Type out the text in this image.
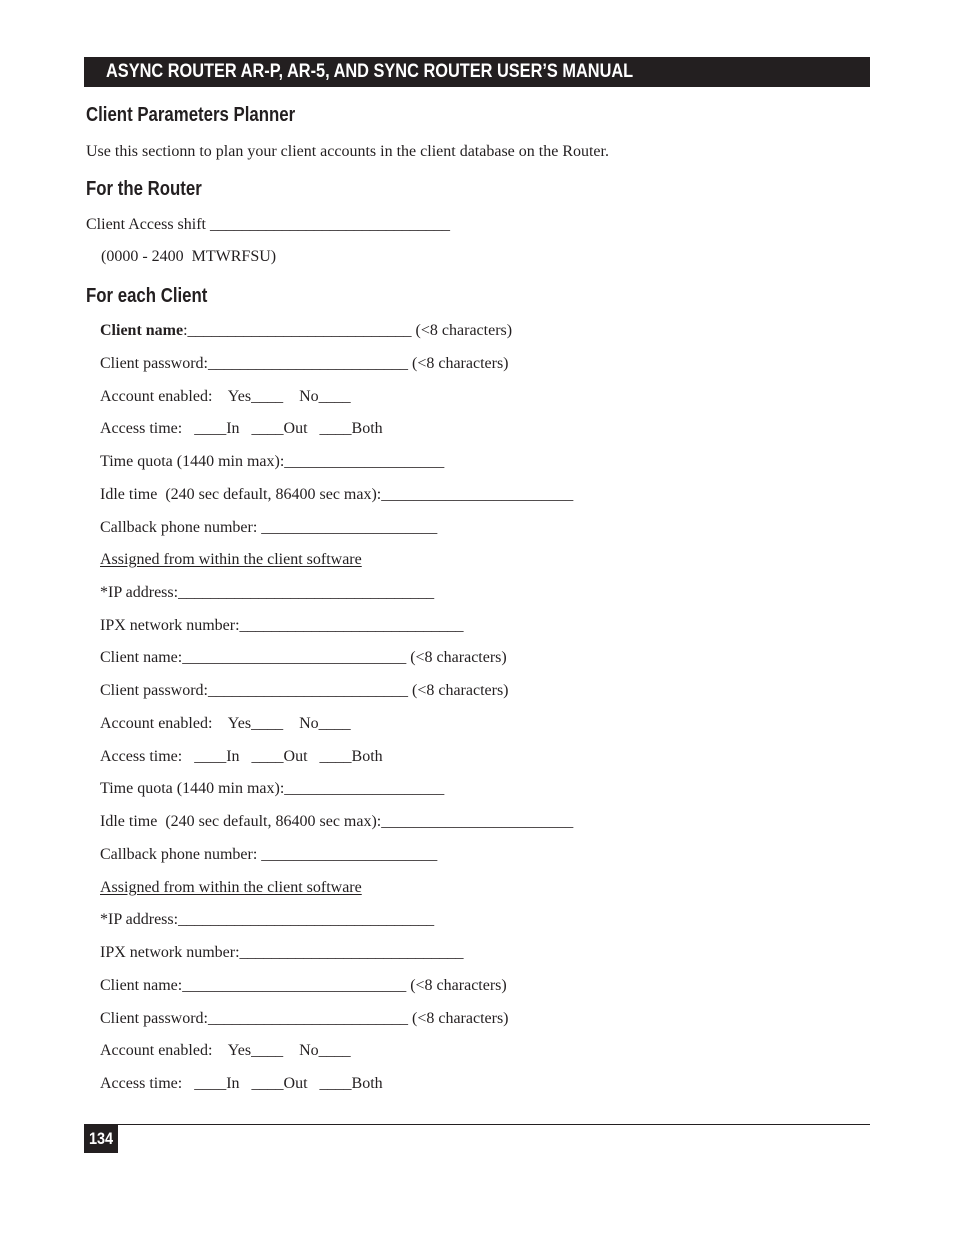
ASYNC ROUTER AR-P, AR-5, AND SYNC ROUTER USER’S MANUAL
Client Parameters Planner
Use this sectionn to plan your client accounts in the client database on the Router.
For the Router
Client Access shift ______________________________
(0000 - 2400  MTWRFSU)
For each Client
Client name:____________________________ (<8 characters)
Client password:_________________________ (<8 characters)
Account enabled:    Yes____    No____
Access time:   ____In   ____Out   ____Both
Time quota (1440 min max):____________________
Idle time  (240 sec default, 86400 sec max):________________________
Callback phone number: ______________________
Assigned from within the client software
*IP address:________________________________
IPX network number:____________________________
Client name:____________________________ (<8 characters)
Client password:_________________________ (<8 characters)
Account enabled:    Yes____    No____
Access time:   ____In   ____Out   ____Both
Time quota (1440 min max):____________________
Idle time  (240 sec default, 86400 sec max):________________________
Callback phone number: ______________________
Assigned from within the client software
*IP address:________________________________
IPX network number:____________________________
Client name:____________________________ (<8 characters)
Client password:_________________________ (<8 characters)
Account enabled:    Yes____    No____
Access time:   ____In   ____Out   ____Both
134
